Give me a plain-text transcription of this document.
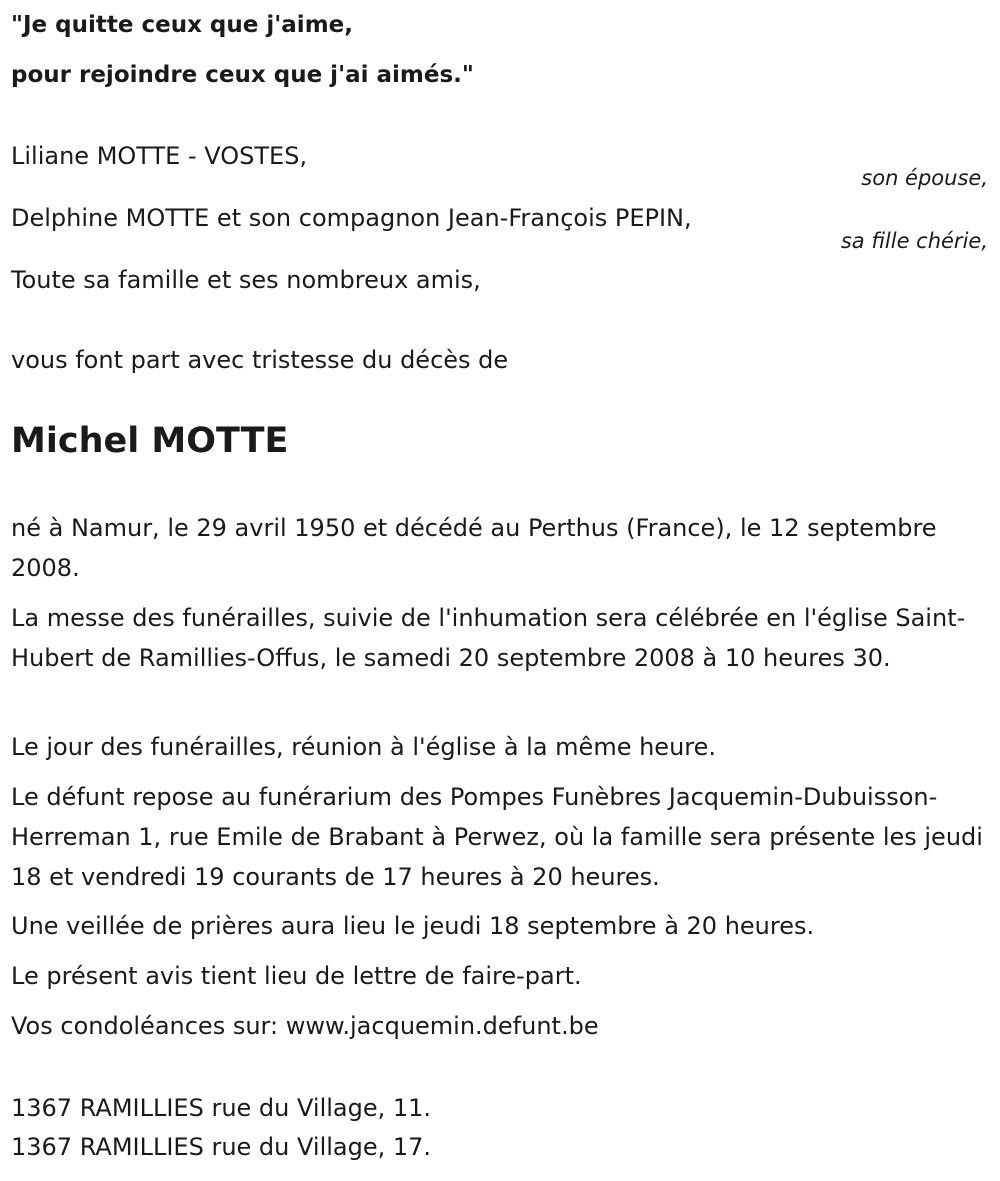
"Je quitte ceux que j'aime,
pour rejoindre ceux que j'ai aimés."
Liliane MOTTE - VOSTES,
son épouse,
Delphine MOTTE et son compagnon Jean-François PEPIN,
sa fille chérie,
Toute sa famille et ses nombreux amis,
vous font part avec tristesse du décès de
Michel MOTTE
né à Namur, le 29 avril 1950 et décédé au Perthus (France), le 12 septembre 2008.
La messe des funérailles, suivie de l'inhumation sera célébrée en l'église Saint-Hubert de Ramillies-Offus, le samedi 20 septembre 2008 à 10 heures 30.
Le jour des funérailles, réunion à l'église à la même heure.
Le défunt repose au funérarium des Pompes Funèbres Jacquemin-Dubuisson-Herreman 1, rue Emile de Brabant à Perwez, où la famille sera présente les jeudi 18 et vendredi 19 courants de 17 heures à 20 heures.
Une veillée de prières aura lieu le jeudi 18 septembre à 20 heures.
Le présent avis tient lieu de lettre de faire-part.
Vos condoléances sur: www.jacquemin.defunt.be
1367 RAMILLIES rue du Village, 11.
1367 RAMILLIES rue du Village, 17.
